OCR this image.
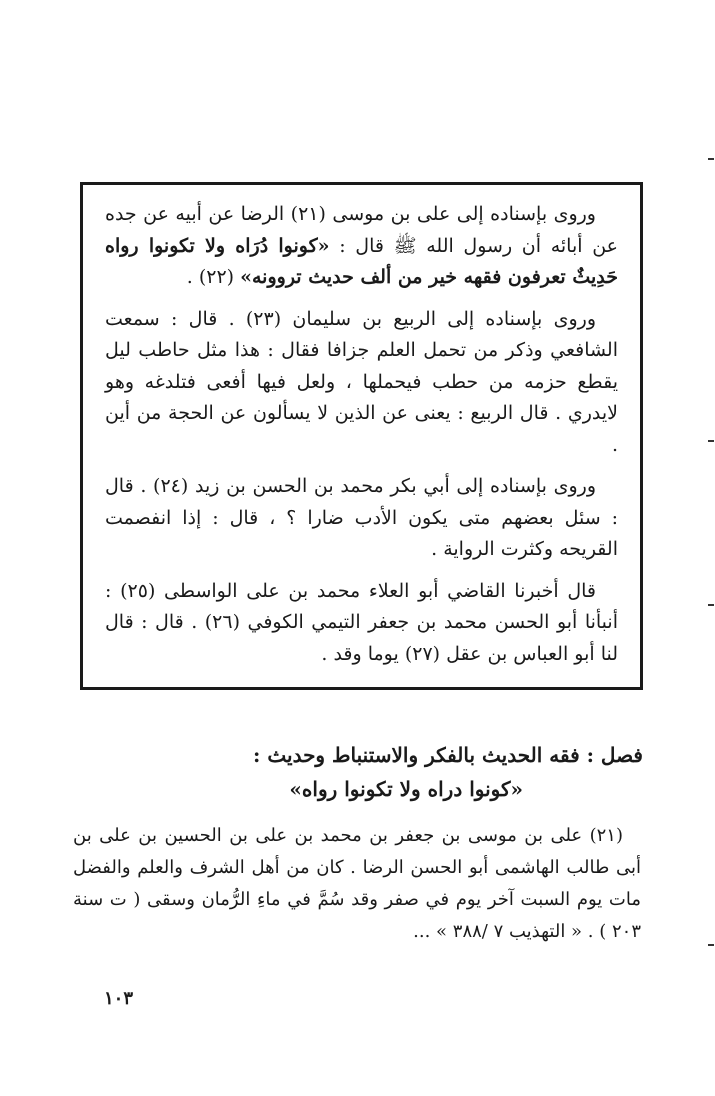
وروى بإسناده إلى على بن موسى (٢١) الرضا عن أبيه عن جده عن أبائه أن رسول الله ﷺ قال : «كونوا دُرَاه ولا تكونوا رواه حَدِيثٌ تعرفون فقهه خير من ألف حديث تروونه» (٢٢) .

وروى بإسناده إلى الربيع بن سليمان (٢٣) . قال : سمعت الشافعي وذكر من تحمل العلم جزافا فقال : هذا مثل حاطب ليل يقطع حزمه من حطب فيحملها ، ولعل فيها أفعى فتلدغه وهو لايدري . قال الربيع : يعنى عن الذين لا يسألون عن الحجة من أين .

وروى بإسناده إلى أبي بكر محمد بن الحسن بن زيد (٢٤) . قال : سئل بعضهم متى يكون الأدب ضارا ؟ ، قال : إذا انفصمت القريحه وكثرت الرواية .

قال أخبرنا القاضي أبو العلاء محمد بن على الواسطى (٢٥) : أنبأنا أبو الحسن محمد بن جعفر التيمي الكوفي (٢٦) . قال : قال لنا أبو العباس بن عقل (٢٧) يوما وقد .

فصل : فقه الحديث بالفكر والاستنباط وحديث :
«كونوا دراه ولا تكونوا رواه»
(٢١) على بن موسى بن جعفر بن محمد بن على بن الحسين بن على بن أبى طالب الهاشمى أبو الحسن الرضا . كان من أهل الشرف والعلم والفضل مات يوم السبت آخر يوم في صفر وقد سُمَّ في ماءِ الرُّمان وسقى ( ت سنة ٢٠٣ ) . « التهذيب ٧ /٣٨٨ » ...
١٠٣
